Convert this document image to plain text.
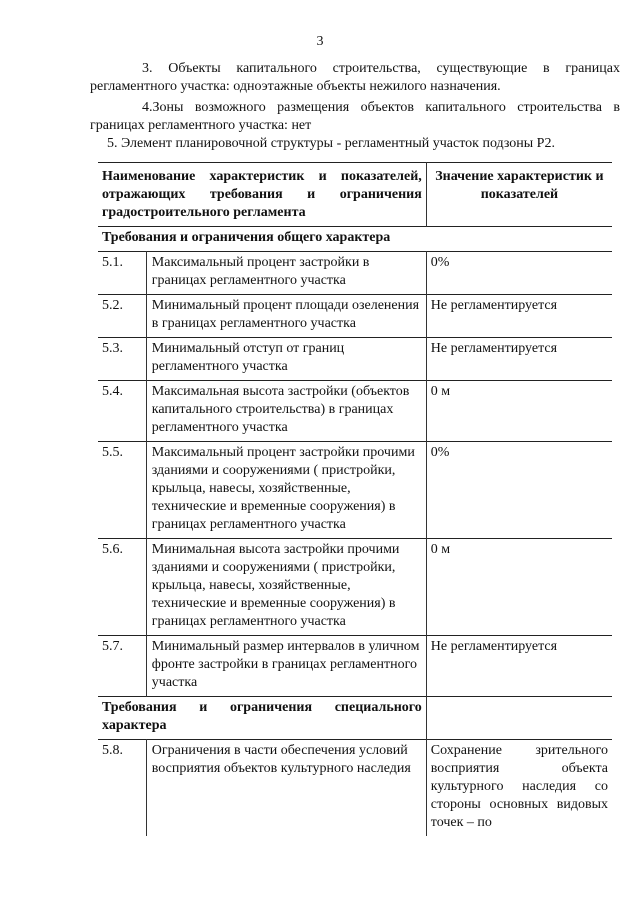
3

3. Объекты капитального строительства, существующие в границах регламентного участка: одноэтажные объекты нежилого назначения.

4.Зоны возможного размещения объектов капитального строительства в границах регламентного участка: нет

5. Элемент планировочной структуры - регламентный участок подзоны Р2.

Наименование характеристик и показателей, отражающих требования и ограничения градостроительного регламента		Значение характеристик и показателей
Требования и ограничения общего характера		
5.1.	Максимальный процент застройки в границах регламентного участка	0%
5.2.	Минимальный процент площади озеленения в границах регламентного участка	Не регламентируется
5.3.	Минимальный отступ от границ регламентного участка	Не регламентируется
5.4.	Максимальная высота застройки (объектов капитального строительства) в границах регламентного участка	0 м
5.5.	Максимальный процент застройки прочими зданиями и сооружениями ( пристройки, крыльца, навесы, хозяйственные, технические и временные сооружения) в границах регламентного участка	0%
5.6.	Минимальная высота застройки прочими зданиями и сооружениями ( пристройки, крыльца, навесы, хозяйственные, технические и временные сооружения) в границах регламентного участка	0 м
5.7.	Минимальный размер интервалов в уличном фронте застройки в границах регламентного участка	Не регламентируется
Требования и ограничения специального характера		
5.8.	Ограничения в части обеспечения условий восприятия объектов культурного наследия	Сохранение зрительного восприятия объекта культурного наследия со стороны основных видовых точек – по
